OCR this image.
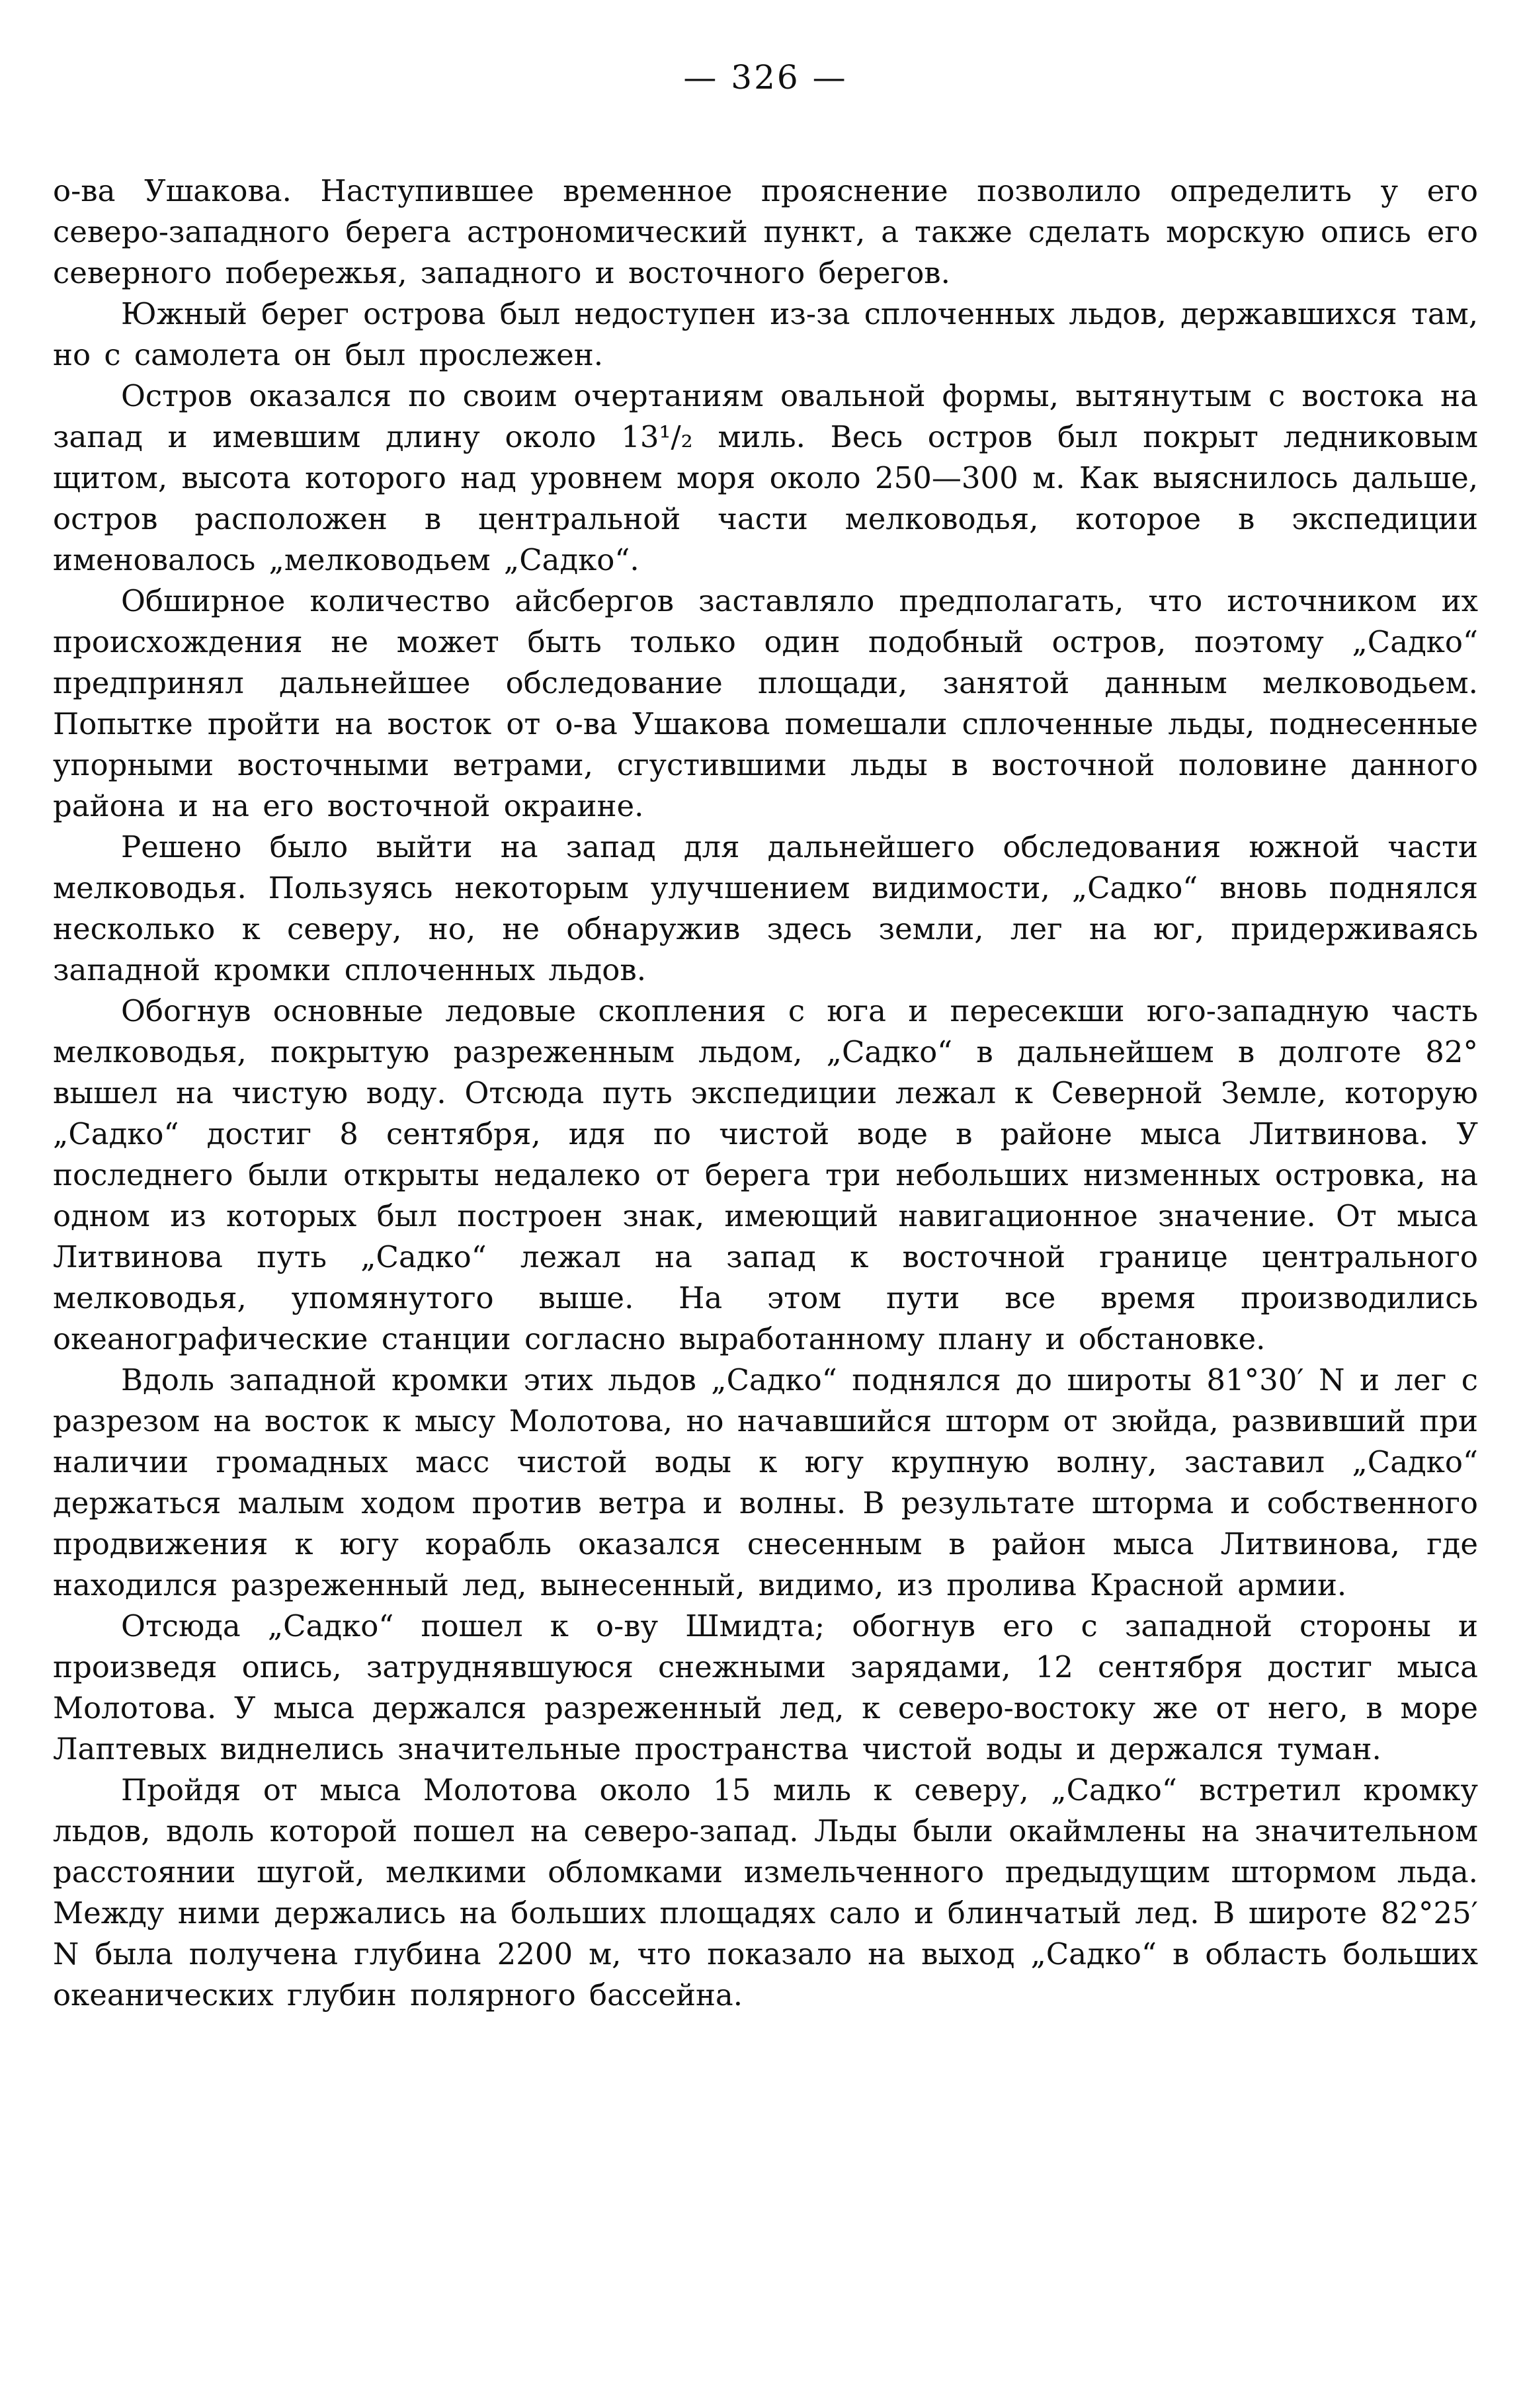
— 326 —

о-ва Ушакова. Наступившее временное прояснение позволило определить у его северо-западного берега астрономический пункт, а также сделать морскую опись его северного побережья, западного и восточного берегов.

Южный берег острова был недоступен из-за сплоченных льдов, державшихся там, но с самолета он был прослежен.

Остров оказался по своим очертаниям овальной формы, вытянутым с востока на запад и имевшим длину около 13¹/₂ миль. Весь остров был покрыт ледниковым щитом, высота которого над уровнем моря около 250—300 м. Как выяснилось дальше, остров расположен в центральной части мелководья, которое в экспедиции именовалось „мелководьем „Садко“.

Обширное количество айсбергов заставляло предполагать, что источником их происхождения не может быть только один подобный остров, поэтому „Садко“ предпринял дальнейшее обследование площади, занятой данным мелководьем. Попытке пройти на восток от о-ва Ушакова помешали сплоченные льды, поднесенные упорными восточными ветрами, сгустившими льды в восточной половине данного района и на его восточной окраине.

Решено было выйти на запад для дальнейшего обследования южной части мелководья. Пользуясь некоторым улучшением видимости, „Садко“ вновь поднялся несколько к северу, но, не обнаружив здесь земли, лег на юг, придерживаясь западной кромки сплоченных льдов.

Обогнув основные ледовые скопления с юга и пересекши юго-западную часть мелководья, покрытую разреженным льдом, „Садко“ в дальнейшем в долготе 82° вышел на чистую воду. Отсюда путь экспедиции лежал к Северной Земле, которую „Садко“ достиг 8 сентября, идя по чистой воде в районе мыса Литвинова. У последнего были открыты недалеко от берега три небольших низменных островка, на одном из которых был построен знак, имеющий навигационное значение. От мыса Литвинова путь „Садко“ лежал на запад к восточной границе центрального мелководья, упомянутого выше. На этом пути все время производились океанографические станции согласно выработанному плану и обстановке.

Вдоль западной кромки этих льдов „Садко“ поднялся до широты 81°30′ N и лег с разрезом на восток к мысу Молотова, но начавшийся шторм от зюйда, развивший при наличии громадных масс чистой воды к югу крупную волну, заставил „Садко“ держаться малым ходом против ветра и волны. В результате шторма и собственного продвижения к югу корабль оказался снесенным в район мыса Литвинова, где находился разреженный лед, вынесенный, видимо, из пролива Красной армии.

Отсюда „Садко“ пошел к о-ву Шмидта; обогнув его с западной стороны и произведя опись, затруднявшуюся снежными зарядами, 12 сентября достиг мыса Молотова. У мыса держался разреженный лед, к северо-востоку же от него, в море Лаптевых виднелись значительные пространства чистой воды и держался туман.

Пройдя от мыса Молотова около 15 миль к северу, „Садко“ встретил кромку льдов, вдоль которой пошел на северо-запад. Льды были окаймлены на значительном расстоянии шугой, мелкими обломками измельченного предыдущим штормом льда. Между ними держались на больших площадях сало и блинчатый лед. В широте 82°25′ N была получена глубина 2200 м, что показало на выход „Садко“ в область больших океанических глубин полярного бассейна.
